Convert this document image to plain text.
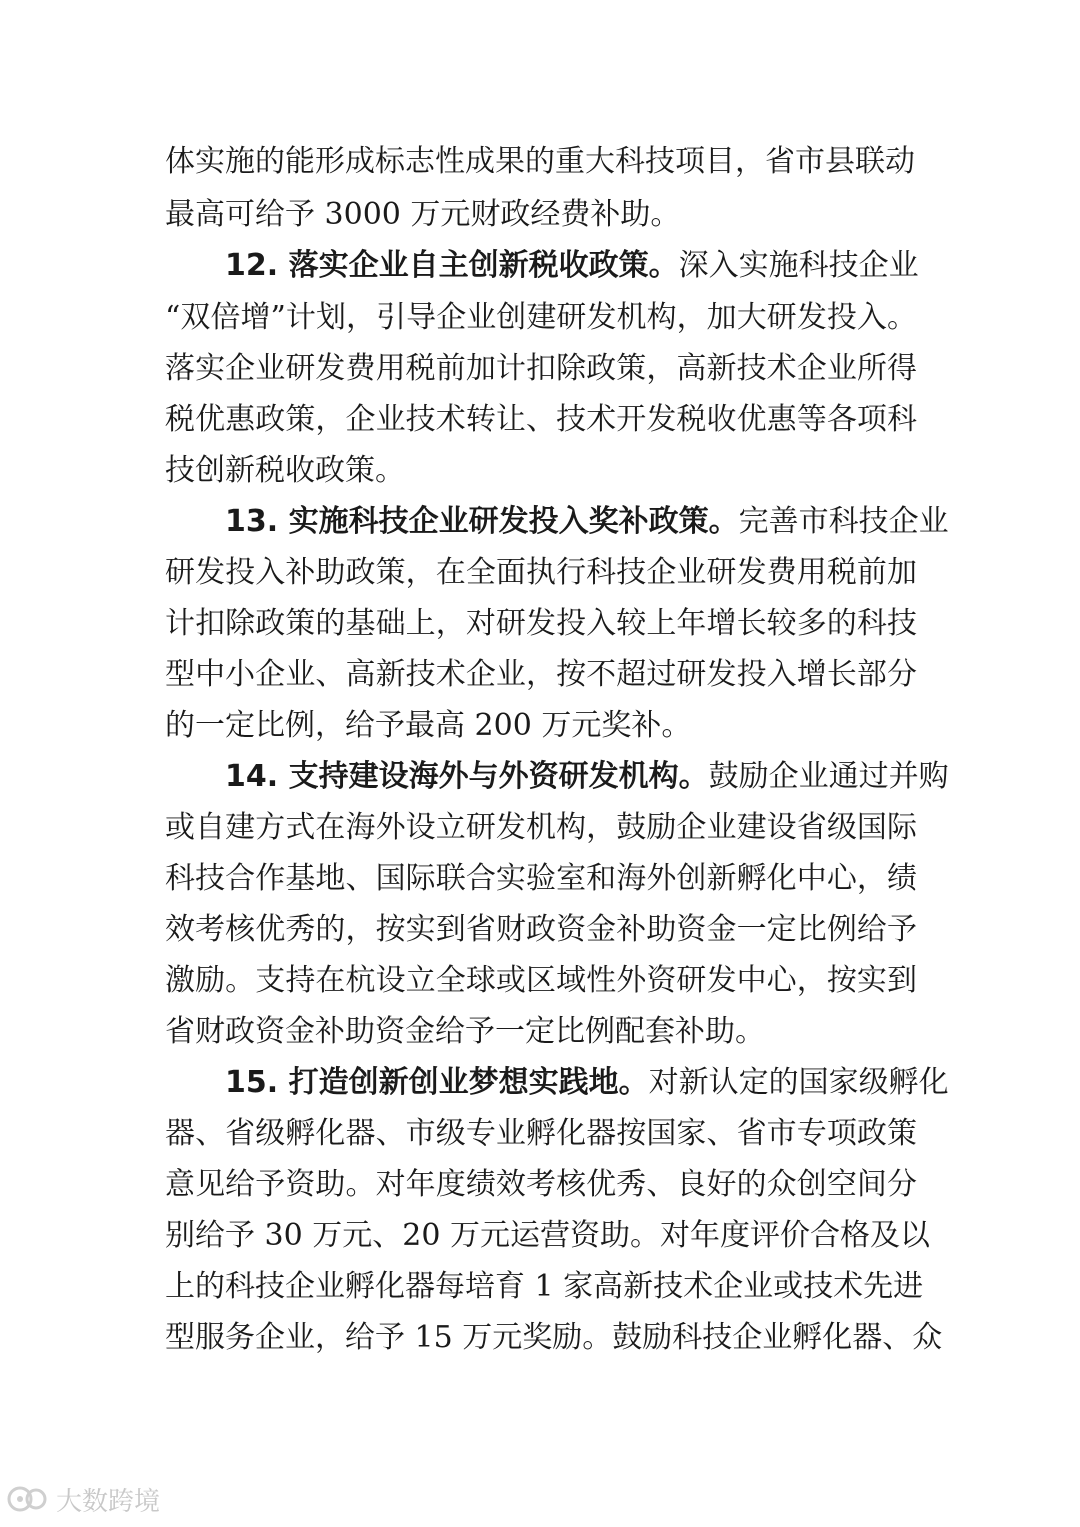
体实施的能形成标志性成果的重大科技项目，省市县联动
最高可给予 3000 万元财政经费补助。
12. 落实企业自主创新税收政策。深入实施科技企业
“双倍增”计划，引导企业创建研发机构，加大研发投入。
落实企业研发费用税前加计扣除政策，高新技术企业所得
税优惠政策，企业技术转让、技术开发税收优惠等各项科
技创新税收政策。
13. 实施科技企业研发投入奖补政策。完善市科技企业
研发投入补助政策，在全面执行科技企业研发费用税前加
计扣除政策的基础上，对研发投入较上年增长较多的科技
型中小企业、高新技术企业，按不超过研发投入增长部分
的一定比例，给予最高 200 万元奖补。
14. 支持建设海外与外资研发机构。鼓励企业通过并购
或自建方式在海外设立研发机构，鼓励企业建设省级国际
科技合作基地、国际联合实验室和海外创新孵化中心，绩
效考核优秀的，按实到省财政资金补助资金一定比例给予
激励。支持在杭设立全球或区域性外资研发中心，按实到
省财政资金补助资金给予一定比例配套补助。
15. 打造创新创业梦想实践地。对新认定的国家级孵化
器、省级孵化器、市级专业孵化器按国家、省市专项政策
意见给予资助。对年度绩效考核优秀、良好的众创空间分
别给予 30 万元、20 万元运营资助。对年度评价合格及以
上的科技企业孵化器每培育 1 家高新技术企业或技术先进
型服务企业，给予 15 万元奖励。鼓励科技企业孵化器、众
大数跨境
